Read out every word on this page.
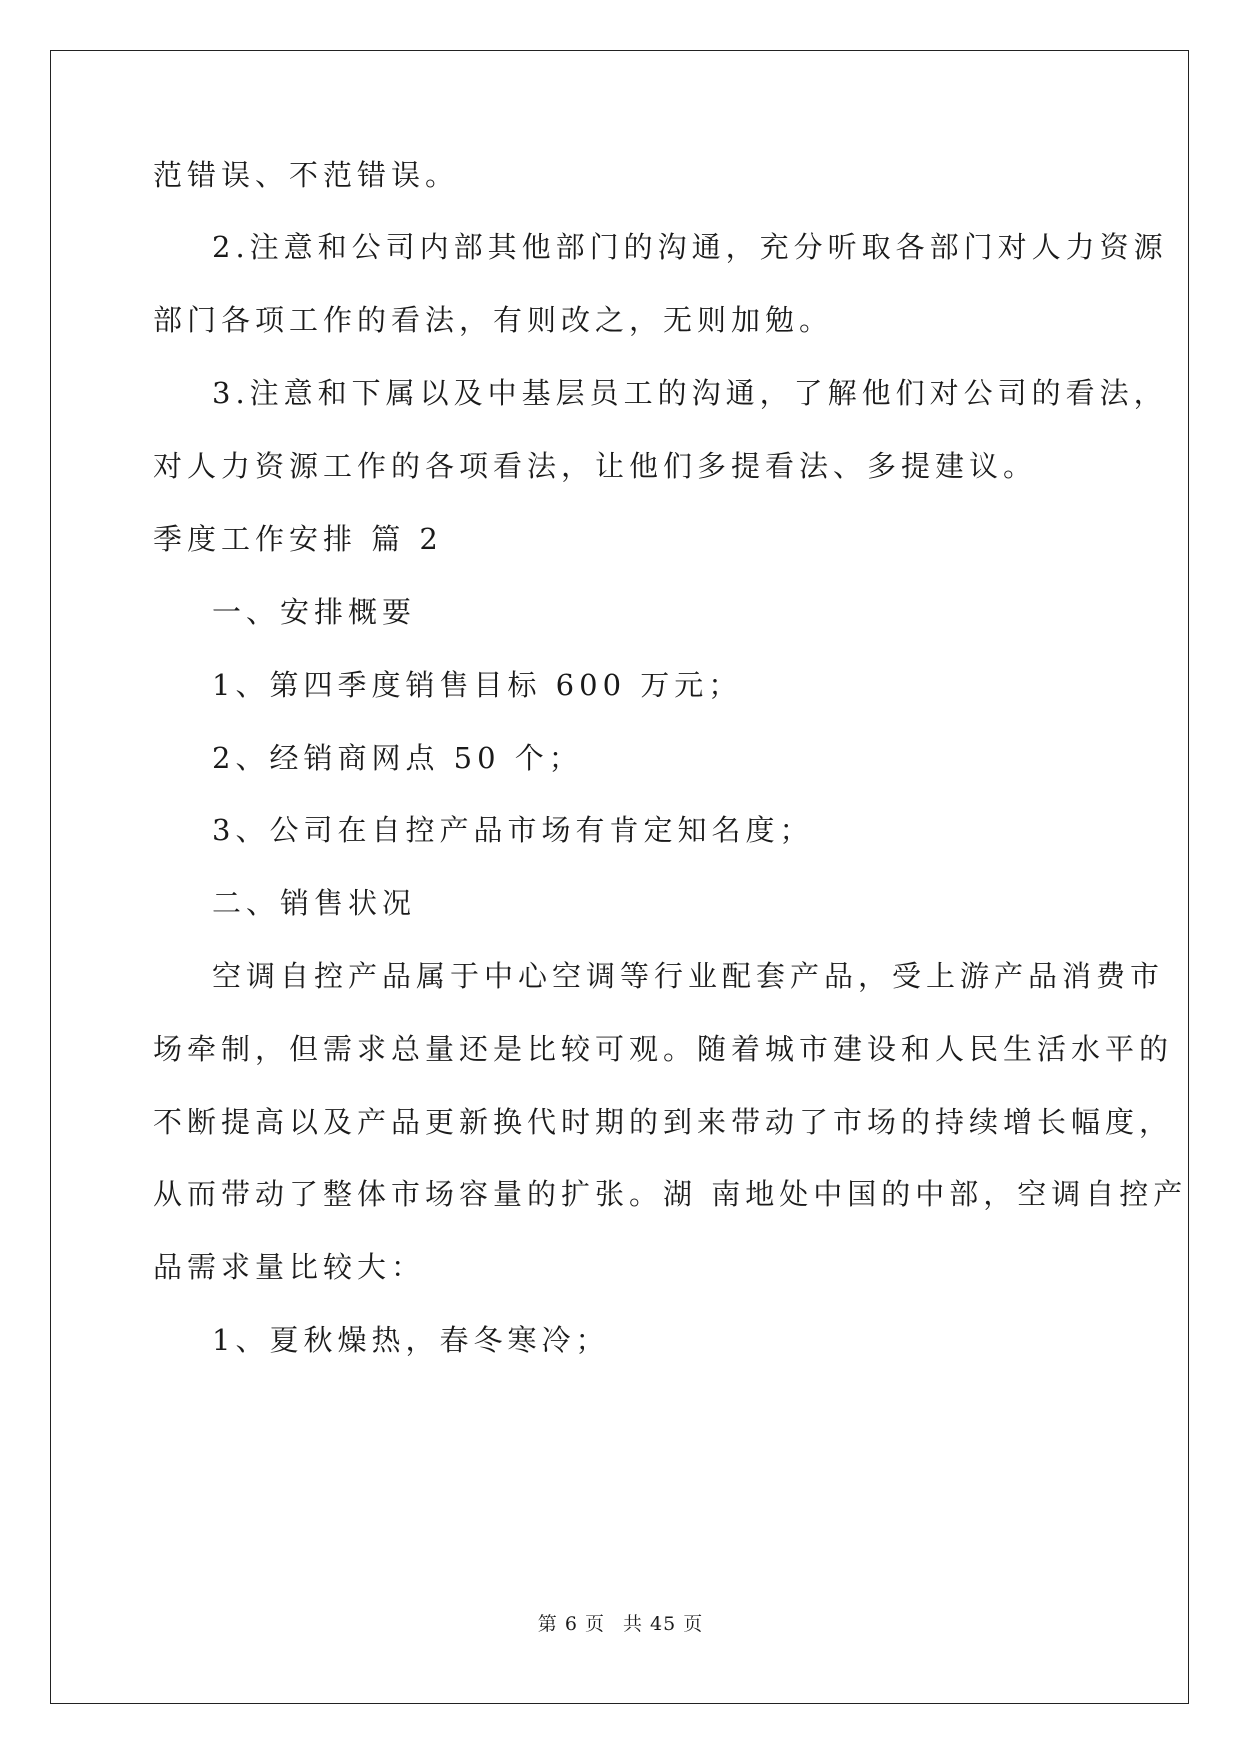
范错误、不范错误。
2.注意和公司内部其他部门的沟通，充分听取各部门对人力资源
部门各项工作的看法，有则改之，无则加勉。
3.注意和下属以及中基层员工的沟通，了解他们对公司的看法，
对人力资源工作的各项看法，让他们多提看法、多提建议。
季度工作安排 篇 2
一、安排概要
1、第四季度销售目标 600 万元；
2、经销商网点 50 个；
3、公司在自控产品市场有肯定知名度；
二、销售状况
空调自控产品属于中心空调等行业配套产品，受上游产品消费市
场牵制，但需求总量还是比较可观。随着城市建设和人民生活水平的
不断提高以及产品更新换代时期的到来带动了市场的持续增长幅度，
从而带动了整体市场容量的扩张。湖 南地处中国的中部，空调自控产
品需求量比较大：
1、夏秋燥热，春冬寒冷；
第 6 页 共 45 页
